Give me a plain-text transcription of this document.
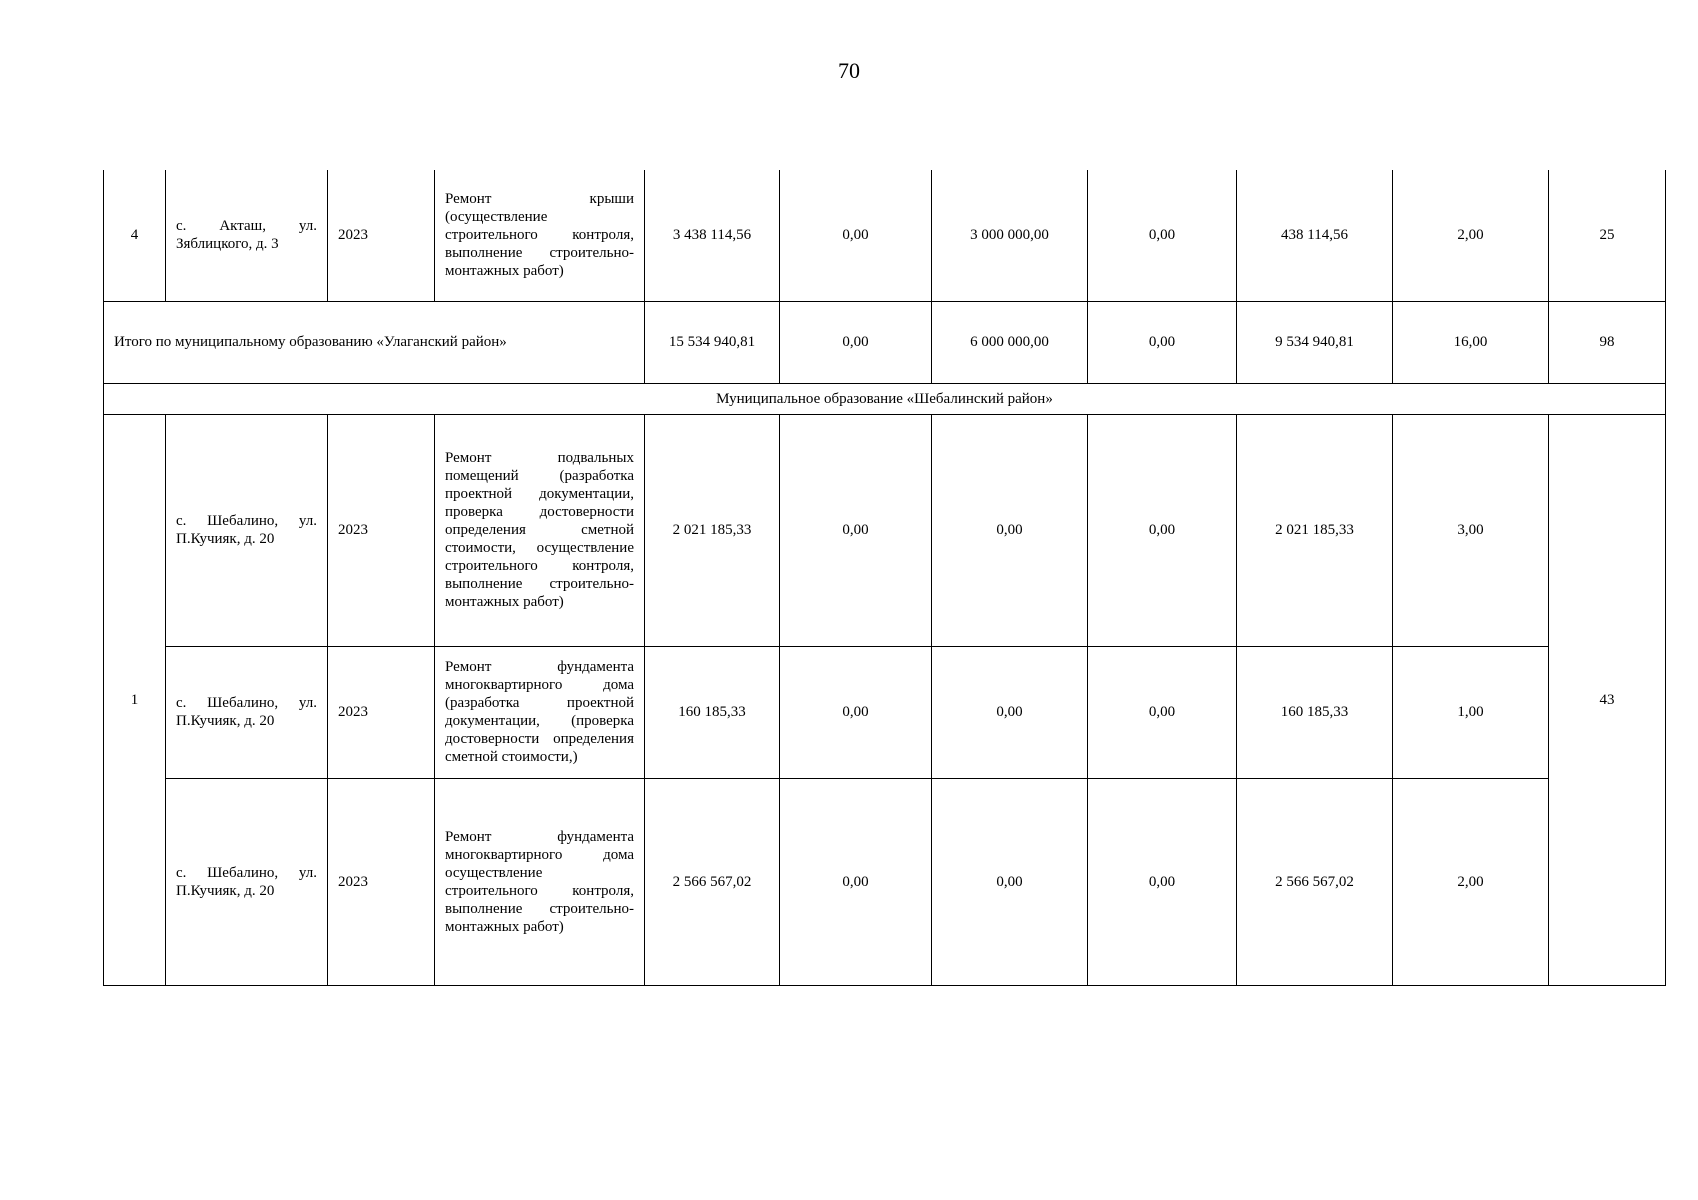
70
4	с. Акташ, ул. Зяблицкого, д. 3	2023	Ремонт крыши (осуществление строительного контроля, выполнение строительно-монтажных работ)	3 438 114,56	0,00	3 000 000,00	0,00	438 114,56	2,00	25
Итого по муниципальному образованию «Улаганский район»				15 534 940,81	0,00	6 000 000,00	0,00	9 534 940,81	16,00	98
Муниципальное образование «Шебалинский район»										
1	с. Шебалино, ул. П.Кучияк, д. 20	2023	Ремонт подвальных помещений (разработка проектной документации, проверка достоверности определения сметной стоимости, осуществление строительного контроля, выполнение строительно-монтажных работ)	2 021 185,33	0,00	0,00	0,00	2 021 185,33	3,00	43
	с. Шебалино, ул. П.Кучияк, д. 20	2023	Ремонт фундамента многоквартирного дома (разработка проектной документации, (проверка достоверности определения сметной стоимости,)	160 185,33	0,00	0,00	0,00	160 185,33	1,00	
	с. Шебалино, ул. П.Кучияк, д. 20	2023	Ремонт фундамента многоквартирного дома осуществление строительного контроля, выполнение строительно-монтажных работ)	2 566 567,02	0,00	0,00	0,00	2 566 567,02	2,00	
